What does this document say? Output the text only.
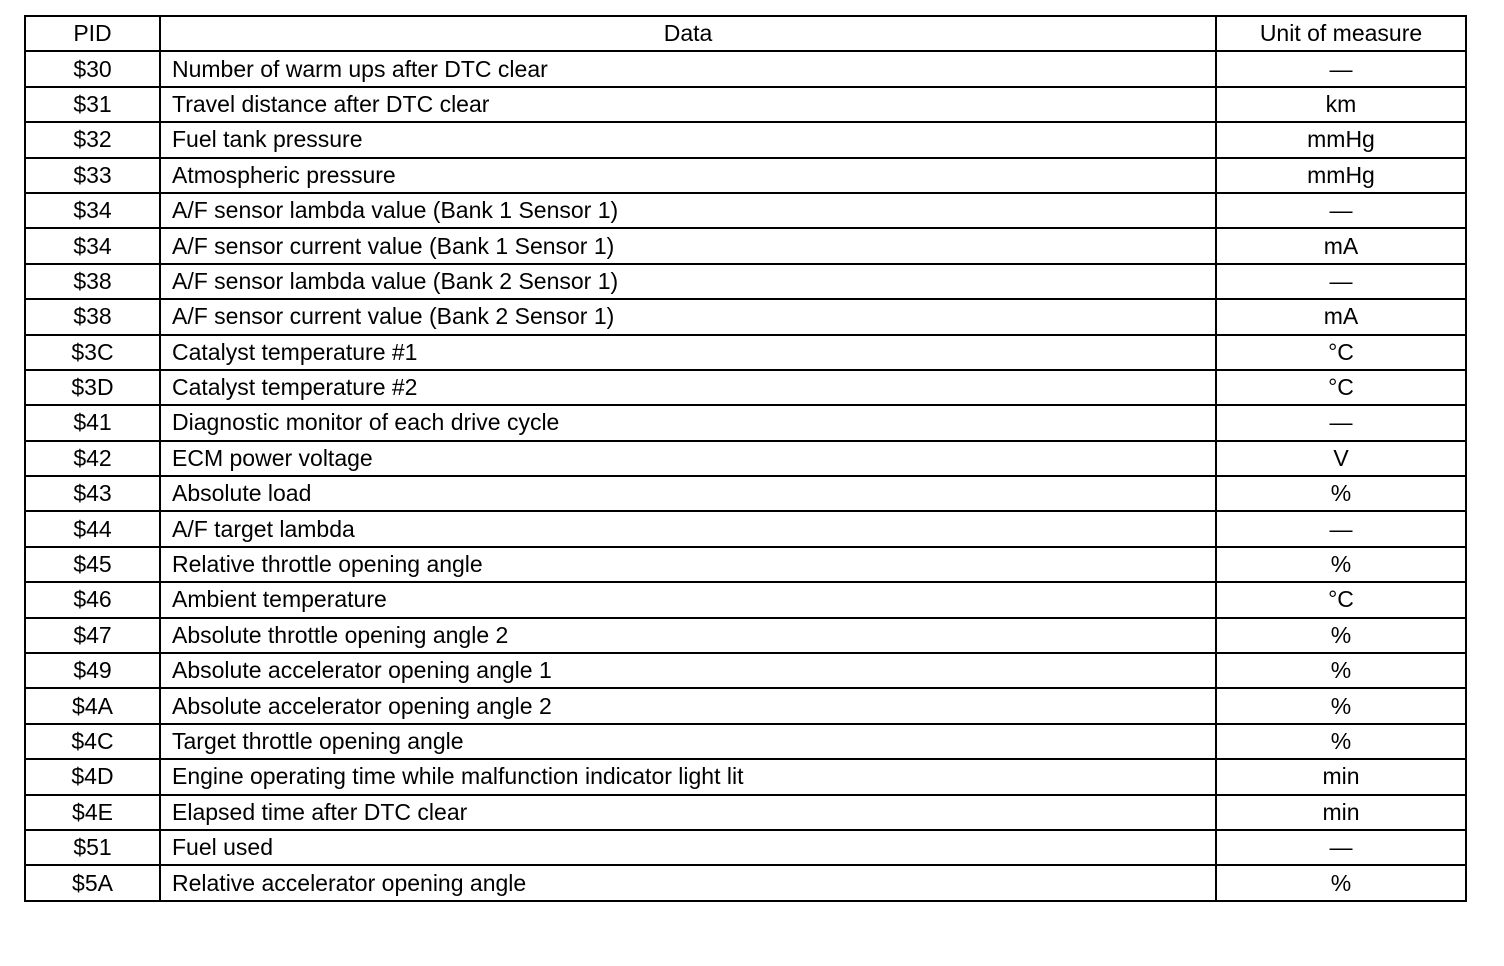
PID	Data	Unit of measure
$30	Number of warm ups after DTC clear	—
$31	Travel distance after DTC clear	km
$32	Fuel tank pressure	mmHg
$33	Atmospheric pressure	mmHg
$34	A/F sensor lambda value (Bank 1 Sensor 1)	—
$34	A/F sensor current value (Bank 1 Sensor 1)	mA
$38	A/F sensor lambda value (Bank 2 Sensor 1)	—
$38	A/F sensor current value (Bank 2 Sensor 1)	mA
$3C	Catalyst temperature #1	°C
$3D	Catalyst temperature #2	°C
$41	Diagnostic monitor of each drive cycle	—
$42	ECM power voltage	V
$43	Absolute load	%
$44	A/F target lambda	—
$45	Relative throttle opening angle	%
$46	Ambient temperature	°C
$47	Absolute throttle opening angle 2	%
$49	Absolute accelerator opening angle 1	%
$4A	Absolute accelerator opening angle 2	%
$4C	Target throttle opening angle	%
$4D	Engine operating time while malfunction indicator light lit	min
$4E	Elapsed time after DTC clear	min
$51	Fuel used	—
$5A	Relative accelerator opening angle	%
